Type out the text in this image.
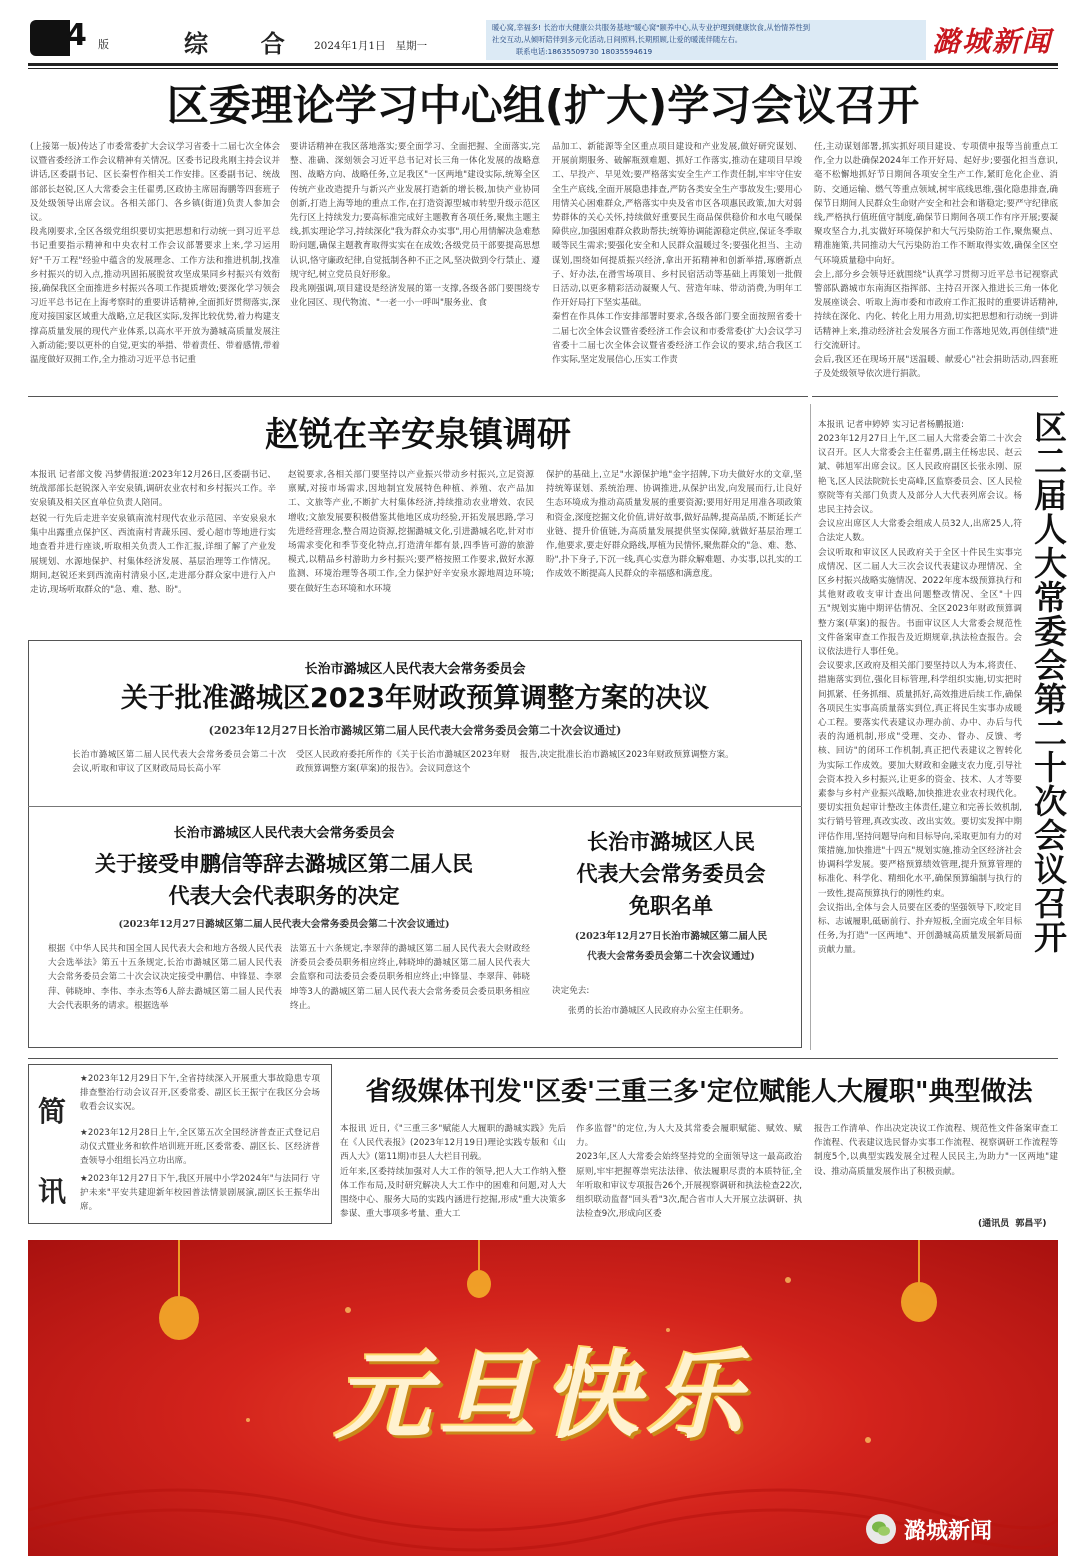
4 版	综  合 2024年1月1日   星期一
暖心窝,幸福多! 长治市大健康公共服务基地"暖心窝"颐养中心,从专业护理到健康饮食,从怡情养性到
社交互动,从倾听陪伴到多元化活动,日间照料,长期照顾,让爱的暖流伴随左右。
联系电话:18635509730 18035594619	潞城新闻
区委理论学习中心组(扩大)学习会议召开
(上接第一版)传达了市委常委扩大会议学习省委十二届七次全体会议暨省委经济工作会议精神有关情况。区委书记段兆刚主持会议并讲话,区委副书记、区长秦哲作相关工作安排。区委副书记、统战部部长赵锐,区人大常委会主任翟勇,区政协主席屈海鹏等四套班子及处级领导出席会议。各相关部门、各乡镇(街道)负责人参加会议。
段兆刚要求,全区各级党组织要切实把思想和行动统一到习近平总书记重要指示精神和中央农村工作会议部署要求上来,学习运用好"千万工程"经验中蕴含的发展理念、工作方法和推进机制,找准乡村振兴的切入点,推动巩固拓展脱贫攻坚成果同乡村振兴有效衔接,确保我区全面推进乡村振兴各项工作提质增效;要深化学习领会习近平总书记在上海考察时的重要讲话精神,全面抓好贯彻落实,深度对接国家区域重大战略,立足我区实际,发挥比较优势,着力构建支撑高质量发展的现代产业体系,以高水平开放为潞城高质量发展注入新动能;要以更朴的自觉,更实的举措、带着责任、带着感情,带着温度做好双拥工作,全力推动习近平总书记重
要讲话精神在我区落地落实;要全面学习、全面把握、全面落实,完整、准确、深刻领会习近平总书记对长三角一体化发展的战略意图、战略方向、战略任务,立足我区"一区两地"建设实际,统筹全区传统产业改造提升与新兴产业发展打造新的增长极,加快产业协同创新,打造上海等地的重点工作,在打造资源型城市转型升级示范区先行区上持续发力;要高标准完成好主题教育各项任务,聚焦主题主线,抓实理论学习,持续深化"我为群众办实事",用心用情解决急难愁盼问题,确保主题教育取得实实在在成效;各级党员干部要提高思想认识,恪守廉政纪律,自觉抵制各种不正之风,坚决做到令行禁止、遵规守纪,树立党员良好形象。
段兆刚强调,项目建设是经济发展的第一支撑,各级各部门要围绕专业化园区、现代物流、"一老一小一呼叫"服务业、食
品加工、新能源等全区重点项目建设和产业发展,做好研究谋划、开展前期服务、破解瓶颈难题、抓好工作落实,推动在建项目早竣工、早投产、早见效;要严格落实安全生产工作责任制,牢牢守住安全生产底线,全面开展隐患排查,严防各类安全生产事故发生;要用心用情关心困难群众,严格落实中央及省市区各项惠民政策,加大对弱势群体的关心关怀,持续做好重要民生商品保供稳价和水电气暖保障供应,加强困难群众救助帮扶;统筹协调能源稳定供应,保证冬季取暖等民生需求;要强化安全和人民群众温暖过冬;要强化担当、主动谋划,围绕如何提质振兴经济,拿出开拓精神和创新举措,琢磨新点子、好办法,在滑雪场项目、乡村民宿活动等基础上再策划一批假日活动,以更多精彩活动凝聚人气、营造年味、带动消费,为明年工作开好局打下坚实基础。
秦哲在作具体工作安排部署时要求,各级各部门要全面按照省委十二届七次全体会议暨省委经济工作会议和市委常委(扩大)会议学习省委十二届七次全体会议暨省委经济工作会议的要求,结合我区工作实际,坚定发展信心,压实工作责
任,主动谋划部署,抓实抓好项目建设、专项债申报等当前重点工作,全力以赴确保2024年工作开好局、起好步;要强化担当意识,毫不松懈地抓好节日期间各项安全生产工作,紧盯危化企业、消防、交通运输、燃气等重点领域,树牢底线思维,强化隐患排查,确保节日期间人民群众生命财产安全和社会和谐稳定;要严守纪律底线,严格执行值班值守制度,确保节日期间各项工作有序开展;要凝聚攻坚合力,扎实做好环境保护和大气污染防治工作,聚焦聚点、精准施策,共同推动大气污染防治工作不断取得实效,确保全区空气环境质量稳中向好。
会上,部分乡会领导还就围绕"认真学习贯彻习近平总书记视察武警部队潞城市东南海区指挥部、主持召开深入推进长三角一体化发展座谈会、听取上海市委和市政府工作汇报时的重要讲话精神,持续在深化、内化、转化上用力用劲,切实把思想和行动统一到讲话精神上来,推动经济社会发展各方面工作落地见效,再创佳绩"进行交流研讨。
会后,我区还在现场开展"送温暖、献爱心"社会捐助活动,四套班子及处级领导依次进行捐款。
赵锐在辛安泉镇调研
本报讯 记者部文俊 冯梦倩报道:2023年12月26日,区委副书记、统战部部长赵锐深入辛安泉镇,调研农业农村和乡村振兴工作。辛安泉镇及相关区直单位负责人陪同。
赵锐一行先后走进辛安泉镇南流村现代农业示范园、辛安泉泉水集中出露重点保护区、西流南村青蔬乐园、爱心超市等地进行实地查看并进行座谈,听取相关负责人工作汇报,详细了解了产业发展规划、水源地保护、村集体经济发展、基层治理等工作情况。期间,赵锐还来到西流南村清泉小区,走进部分群众家中进行入户走访,现场听取群众的"急、难、愁、盼"。
赵锐要求,各相关部门要坚持以产业振兴带动乡村振兴,立足资源禀赋,对接市场需求,因地制宜发展特色种植、养殖、农产品加工、文旅等产业,不断扩大村集体经济,持续推动农业增效、农民增收;文旅发展要积极借鉴其他地区成功经验,开拓发展思路,学习先进经营理念,整合周边资源,挖掘潞城文化,引进潞城名吃,针对市场需求变化和季节变化特点,打造清年都有景,四季皆可游的旅游模式,以精品乡村游助力乡村振兴;要严格按照工作要求,做好水源监测、环境治理等各项工作,全力保护好辛安泉水源地周边环境;要在做好生态环境和水环境
保护的基础上,立足"水源保护地"金字招牌,下功夫做好水的文章,坚持统筹谋划、系统治理、协调推进,从保护出发,向发展而行,让良好生态环境成为推动高质量发展的重要资源;要用好用足用准各项政策和资金,深度挖掘文化价值,讲好故事,做好品牌,提高品质,不断延长产业链、提升价值链,为高质量发展提供坚实保障,就做好基层治理工作,他要求,要走好群众路线,厚植为民情怀,聚焦群众的"急、难、愁、盼",扑下身子,下沉一线,真心实意为群众解难题、办实事,以扎实的工作成效不断提高人民群众的幸福感和满意度。
长治市潞城区人民代表大会常务委员会
关于批准潞城区2023年财政预算调整方案的决议
(2023年12月27日长治市潞城区第二届人民代表大会常务委员会第二十次会议通过)
长治市潞城区第二届人民代表大会常务委员会第二十次会议,听取和审议了区财政局局长高小军
受区人民政府委托所作的《关于长治市潞城区2023年财政预算调整方案(草案)的报告》。会议同意这个
报告,决定批准长治市潞城区2023年财政预算调整方案。
长治市潞城区人民代表大会常务委员会
关于接受申鹏信等辞去潞城区第二届人民
代表大会代表职务的决定
(2023年12月27日潞城区第二届人民代表大会常务委员会第二十次会议通过)
根据《中华人民共和国全国人民代表大会和地方各级人民代表大会选举法》第五十五条规定,长治市潞城区第二届人民代表大会常务委员会第二十次会议决定接受申鹏信、申锋显、李翠萍、韩晓坤、李伟、李永杰等6人辞去潞城区第二届人民代表大会代表职务的请求。根据选举
法第五十六条规定,李翠萍的潞城区第二届人民代表大会财政经济委员会委员职务相应终止,韩晓坤的潞城区第二届人民代表大会监察和司法委员会委员职务相应终止;申锋显、李翠萍、韩晓坤等3人的潞城区第二届人民代表大会常务委员会委员职务相应终止。
长治市潞城区人民
代表大会常务委员会
免职名单
(2023年12月27日长治市潞城区第二届人民
代表大会常务委员会第二十次会议通过)
决定免去:
张勇的长治市潞城区人民政府办公室主任职务。
本报讯 记者申婷婷 实习记者杨鹏报道:
2023年12月27日上午,区二届人大常委会第二十次会议召开。区人大常委会主任翟勇,副主任杨忠民、赵云斌、韩旭军出席会议。区人民政府副区长张永刚、原艳飞,区人民法院院长史高峰,区监察委员会、区人民检察院等有关部门负责人及部分人大代表列席会议。杨忠民主持会议。
会议应出席区人大常委会组成人员32人,出席25人,符合法定人数。
会议听取和审议区人民政府关于全区十件民生实事完成情况、区二届人大三次会议代表建议办理情况、全区乡村振兴战略实施情况、2022年度本级预算执行和其他财政收支审计查出问题整改情况、全区"十四五"规划实施中期评估情况、全区2023年财政预算调整方案(草案)的报告。书面审议区人大常委会规范性文件备案审查工作报告及近期规章,执法检查报告。会议依法进行人事任免。
会议要求,区政府及相关部门要坚持以人为本,将责任、措施落实到位,强化目标管理,科学组织实施,切实把时间抓紧、任务抓细、质量抓好,高效推进后续工作,确保各项民生实事高质量落实到位,真正将民生实事办成暖心工程。要落实代表建议办理办前、办中、办后与代表的沟通机制,形成"受理、交办、督办、反馈、考核、回访"的闭环工作机制,真正把代表建议之智转化为实际工作成效。要加大财政和金融支农力度,引导社会资本投入乡村振兴,让更多的资金、技术、人才等要素参与乡村产业振兴战略,加快推进农业农村现代化。要切实扭负起审计整改主体责任,建立和完善长效机制,实行销号管理,真改实改、改出实效。要切实发挥中期评估作用,坚持问题导向和目标导向,采取更加有力的对策措施,加快推进"十四五"规划实施,推动全区经济社会协调科学发展。要严格预算绩效管理,提升预算管理的标准化、科学化、精细化水平,确保预算编制与执行的一致性,提高预算执行的刚性约束。
会议指出,全体与会人员要在区委的坚强领导下,咬定目标、志诚履职,砥砺前行、扑弃短板,全面完成全年目标任务,为打造"一区两地"、开创潞城高质量发展新局面贡献力量。	区二届人大常委会第二十次会议召开
简
讯
★2023年12月29日下午,全省持续深入开展重大事故隐患专项排查整治行动会议召开,区委常委、副区长王振宁在我区分会场收看会议实况。
★2023年12月28日上午,全区第五次全国经济普查正式登记启动仪式暨业务和软件培训班开班,区委常委、副区长、区经济普查领导小组组长冯立功出席。
★2023年12月27日下午,我区开展中小学2024年"与法同行 守护未来"平安共建迎新年校园普法情景剧展演,副区长王振华出席。
省级媒体刊发"区委'三重三多'定位赋能人大履职"典型做法
本报讯 近日,《"三重三多"赋能人大履职的潞城实践》先后在《人民代表报》(2023年12月19日)理论实践专版和《山西人大》(第11期)市县人大栏目刊载。
近年来,区委持续加强对人大工作的领导,把人大工作纳入整体工作布局,及时研究解决人大工作中的困难和问题,对人大围绕中心、服务大局的实践内涵进行挖掘,形成"重大决策多参谋、重大事项多考量、重大工
作多监督"的定位,为人大及其常委会履职赋能、赋效、赋力。
2023年,区人大常委会始终坚持党的全面领导这一最高政治原则,牢牢把握尊崇宪法法律、依法履职尽责的本质特征,全年听取和审议专项报告26个,开展视察调研和执法检查22次,组织联动监督"回头看"3次,配合省市人大开展立法调研、执法检查9次,形成向区委
报告工作清单、作出决定决议工作流程、规范性文件备案审查工作流程、代表建议选民督办实事工作流程、视察调研工作流程等制度5个,以典型实践发展全过程人民民主,为助力"一区两地"建设、推动高质量发展作出了积极贡献。
(通讯员  郭昌平)
元旦快乐
潞城新闻
